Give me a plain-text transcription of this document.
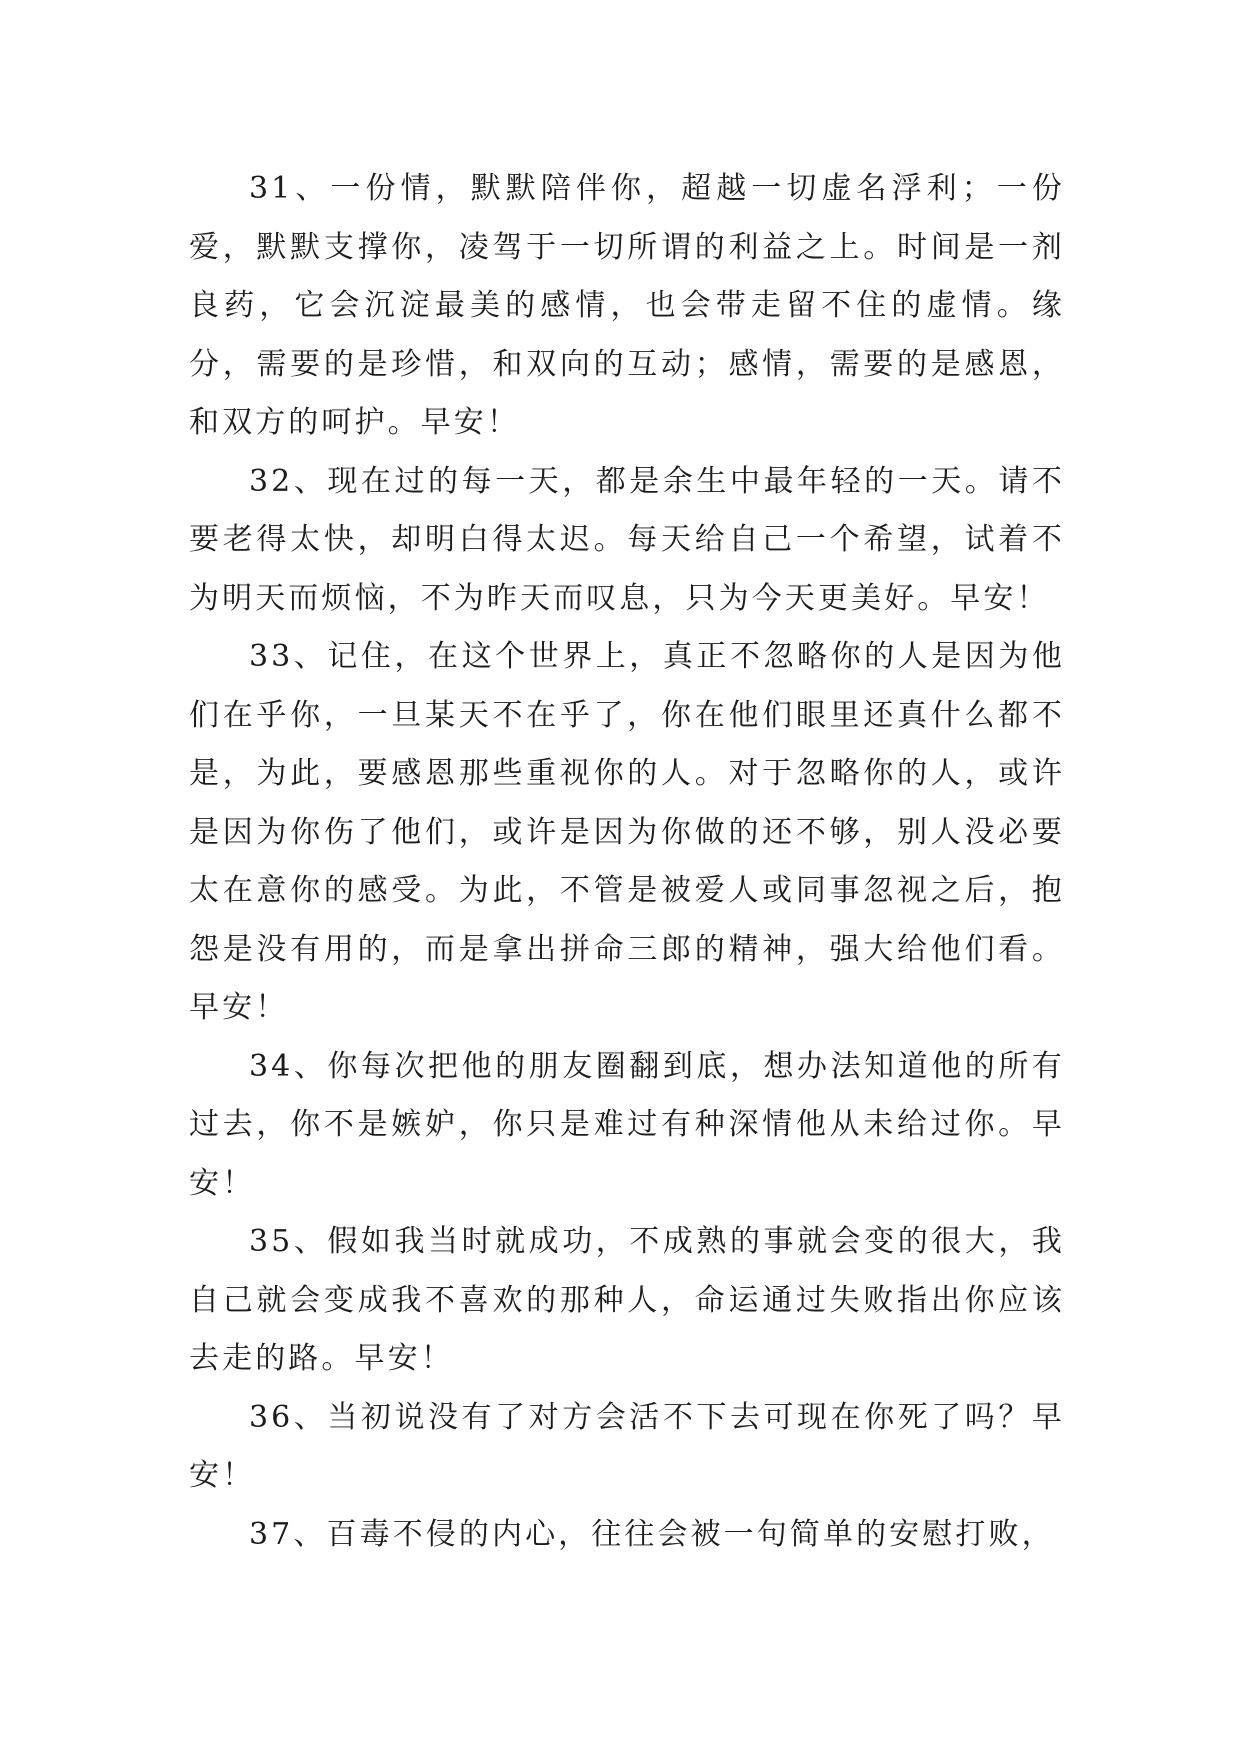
31、一份情，默默陪伴你，超越一切虚名浮利；一份爱，默默支撑你，凌驾于一切所谓的利益之上。时间是一剂良药，它会沉淀最美的感情，也会带走留不住的虚情。缘分，需要的是珍惜，和双向的互动；感情，需要的是感恩，和双方的呵护。早安！

32、现在过的每一天，都是余生中最年轻的一天。请不要老得太快，却明白得太迟。每天给自己一个希望，试着不为明天而烦恼，不为昨天而叹息，只为今天更美好。早安！

33、记住，在这个世界上，真正不忽略你的人是因为他们在乎你，一旦某天不在乎了，你在他们眼里还真什么都不是，为此，要感恩那些重视你的人。对于忽略你的人，或许是因为你伤了他们，或许是因为你做的还不够，别人没必要太在意你的感受。为此，不管是被爱人或同事忽视之后，抱怨是没有用的，而是拿出拼命三郎的精神，强大给他们看。早安！

34、你每次把他的朋友圈翻到底，想办法知道他的所有过去，你不是嫉妒，你只是难过有种深情他从未给过你。早安！

35、假如我当时就成功，不成熟的事就会变的很大，我自己就会变成我不喜欢的那种人，命运通过失败指出你应该去走的路。早安！

36、当初说没有了对方会活不下去可现在你死了吗？早安！

37、百毒不侵的内心，往往会被一句简单的安慰打败，
